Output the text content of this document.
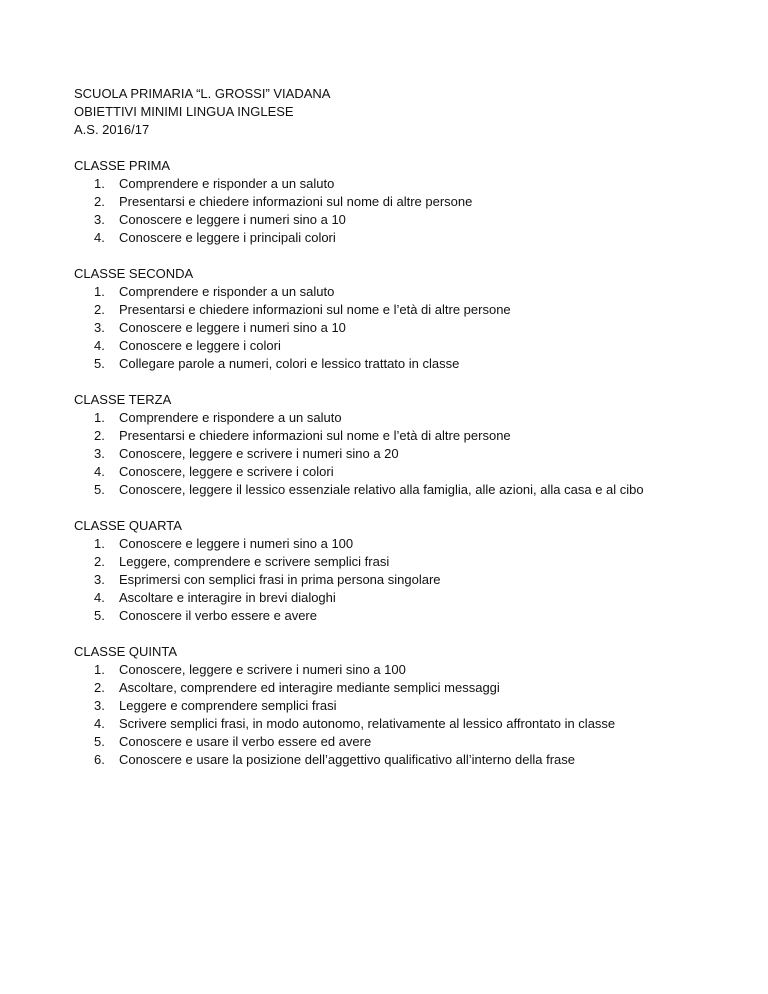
SCUOLA PRIMARIA “L. GROSSI” VIADANA
OBIETTIVI MINIMI LINGUA INGLESE
A.S. 2016/17
CLASSE PRIMA
1. Comprendere e risponder a un saluto
2. Presentarsi e chiedere informazioni sul nome di altre persone
3. Conoscere e leggere i numeri sino a 10
4. Conoscere e leggere i principali colori
CLASSE SECONDA
1. Comprendere e risponder a un saluto
2. Presentarsi e chiedere informazioni sul nome e l’età di altre persone
3. Conoscere e leggere i numeri sino a 10
4. Conoscere e leggere i colori
5. Collegare parole a numeri, colori e lessico trattato in classe
CLASSE TERZA
1. Comprendere e rispondere a un saluto
2. Presentarsi e chiedere informazioni sul nome e l’età di altre persone
3. Conoscere, leggere e scrivere i numeri sino a 20
4. Conoscere, leggere e scrivere i colori
5. Conoscere, leggere il lessico essenziale relativo alla famiglia, alle azioni, alla casa e al cibo
CLASSE QUARTA
1. Conoscere e leggere i numeri sino a 100
2. Leggere, comprendere e scrivere semplici frasi
3. Esprimersi con semplici frasi in prima persona singolare
4. Ascoltare e interagire in brevi dialoghi
5. Conoscere il verbo essere e avere
CLASSE QUINTA
1. Conoscere, leggere e scrivere i numeri sino a 100
2. Ascoltare, comprendere ed interagire mediante semplici messaggi
3. Leggere e comprendere semplici frasi
4. Scrivere semplici frasi, in modo autonomo, relativamente al lessico affrontato in classe
5. Conoscere e usare il verbo essere ed avere
6. Conoscere e usare la posizione dell’aggettivo qualificativo all’interno della frase
